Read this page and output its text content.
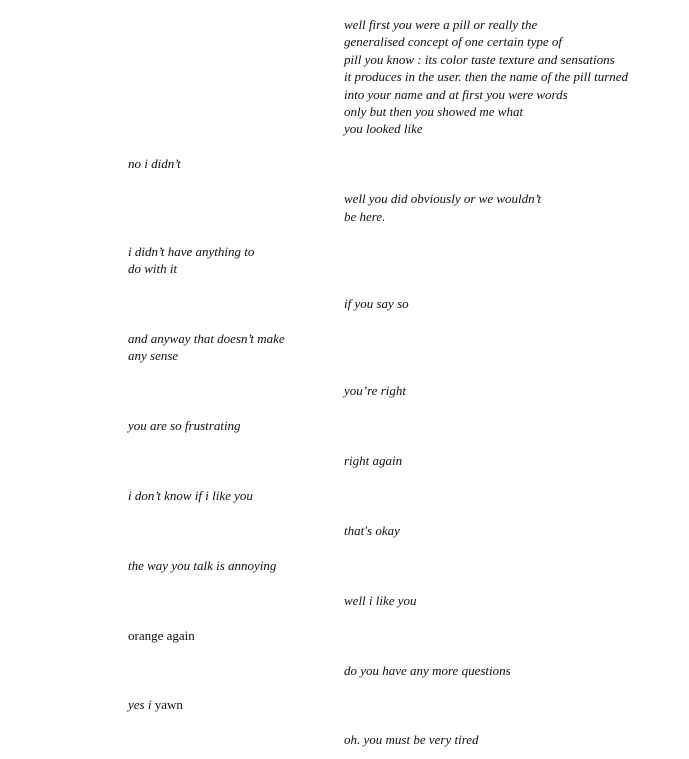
well first you were a pill or really the
generalised concept of one certain type of
pill you know : its color taste texture and sensations
it produces in the user. then the name of the pill turned
into your name and at first you were words
only but then you showed me what
you looked like
no i didn’t
well you did obviously or we wouldn’t
be here.
i didn’t have anything to
do with it
if you say so
and anyway that doesn’t make
any sense
you’re right
you are so frustrating
right again
i don’t know if i like you
that's okay
the way you talk is annoying
well i like you
orange again
do you have any more questions
yes i yawn
oh. you must be very tired
